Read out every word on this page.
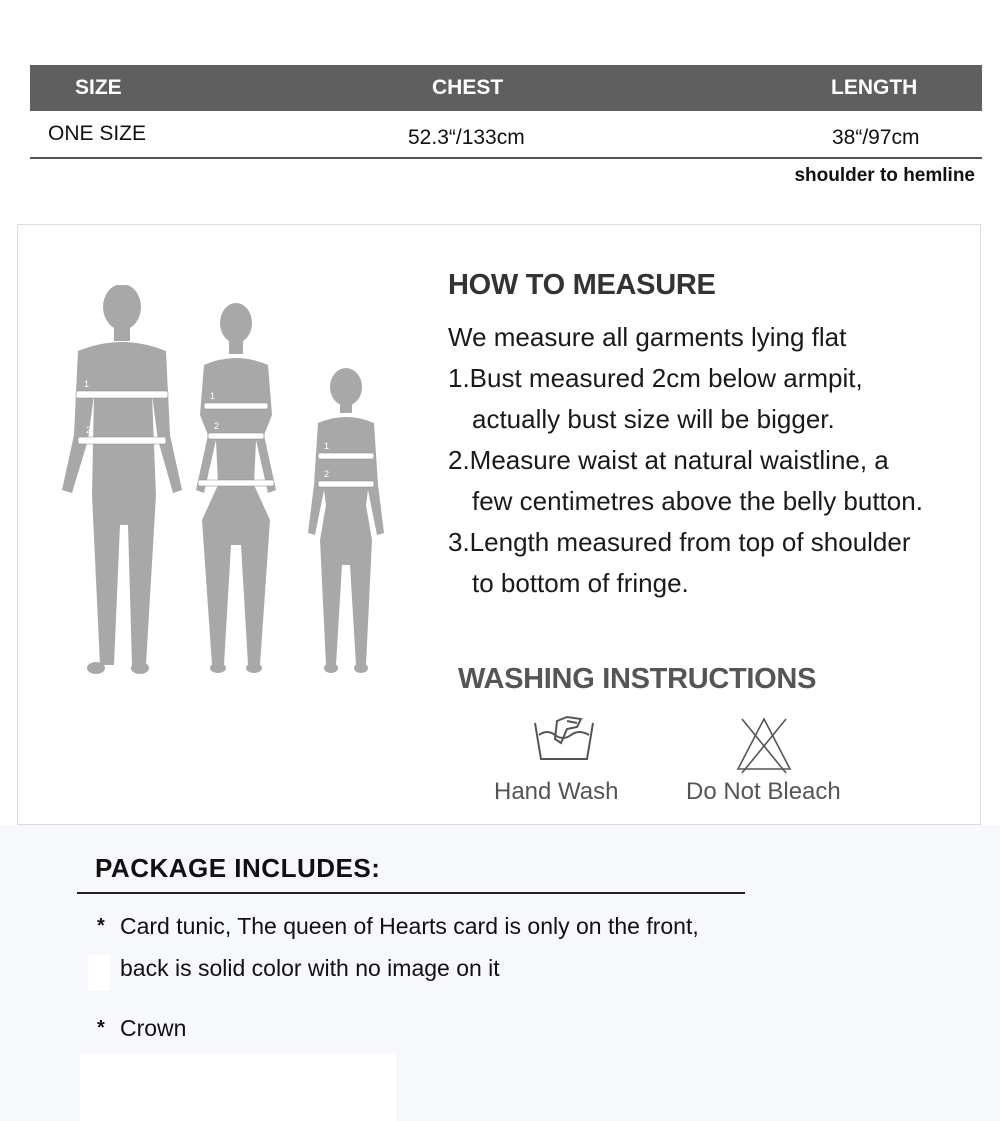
SIZE	CHEST	LENGTH
ONE SIZE	52.3“/133cm	38“/97cm
shoulder to hemline
1
2
1
2
3
1
2
HOW TO MEASURE
We measure all garments lying flat
1.Bust measured 2cm below armpit,
actually bust size will be bigger.
2.Measure waist at natural waistline, a
few centimetres above the belly button.
3.Length measured from top of shoulder
to bottom of fringe.
WASHING INSTRUCTIONS
Hand Wash	Do Not Bleach
PACKAGE INCLUDES:
* Card tunic, The queen of Hearts card is only on the front,
back is solid color with no image on it
* Crown
